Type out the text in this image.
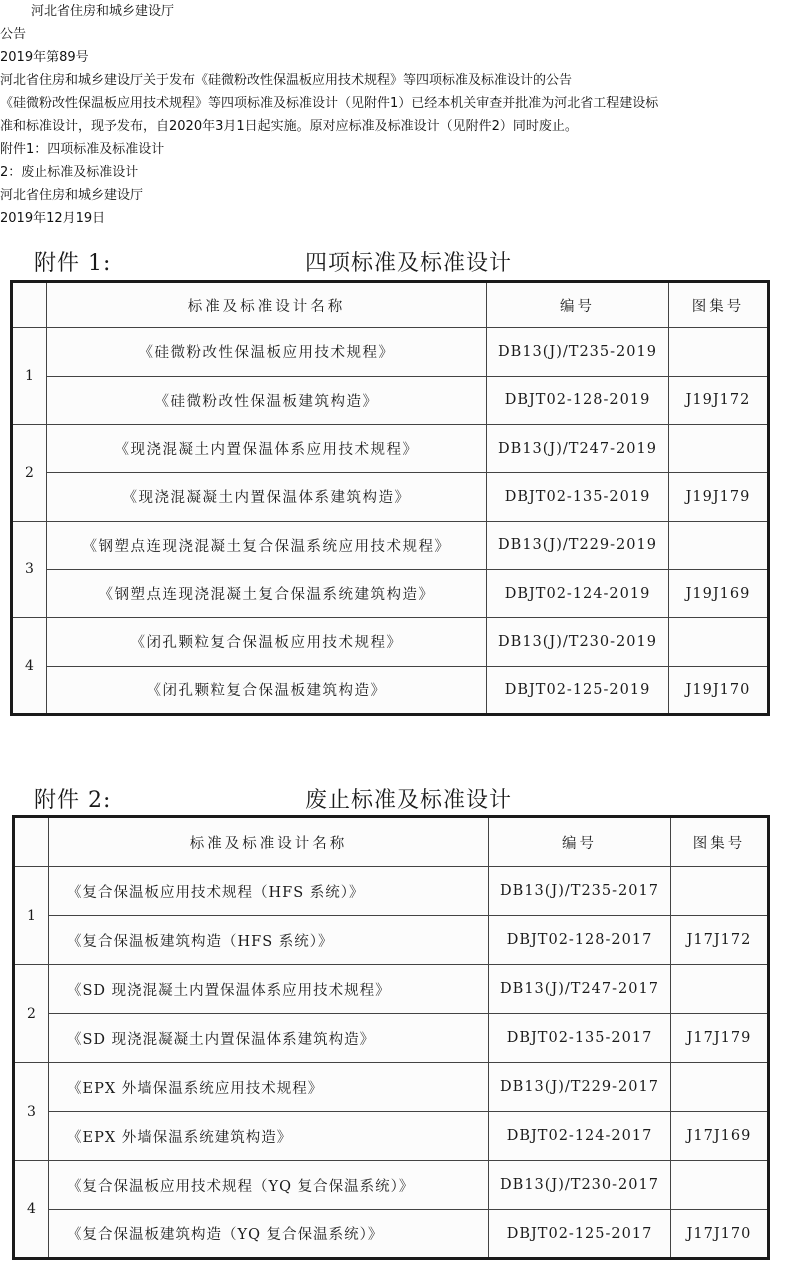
河北省住房和城乡建设厅
公告
2019年第89号
河北省住房和城乡建设厅关于发布《硅微粉改性保温板应用技术规程》等四项标准及标准设计的公告
《硅微粉改性保温板应用技术规程》等四项标准及标准设计（见附件1）已经本机关审查并批准为河北省工程建设标
准和标准设计，现予发布，自2020年3月1日起实施。原对应标准及标准设计（见附件2）同时废止。
附件1：四项标准及标准设计
2：废止标准及标准设计
河北省住房和城乡建设厅
2019年12月19日
附件 1:	四项标准及标准设计
	标准及标准设计名称	编号	图集号
1	《硅微粉改性保温板应用技术规程》	DB13(J)/T235-2019	
	《硅微粉改性保温板建筑构造》	DBJT02-128-2019	J19J172
2	《现浇混凝土内置保温体系应用技术规程》	DB13(J)/T247-2019	
	《现浇混凝凝土内置保温体系建筑构造》	DBJT02-135-2019	J19J179
3	《钢塑点连现浇混凝土复合保温系统应用技术规程》	DB13(J)/T229-2019	
	《钢塑点连现浇混凝土复合保温系统建筑构造》	DBJT02-124-2019	J19J169
4	《闭孔颗粒复合保温板应用技术规程》	DB13(J)/T230-2019	
	《闭孔颗粒复合保温板建筑构造》	DBJT02-125-2019	J19J170
附件 2:	废止标准及标准设计
	标准及标准设计名称	编号	图集号
1	《复合保温板应用技术规程（HFS 系统）》	DB13(J)/T235-2017	
	《复合保温板建筑构造（HFS 系统）》	DBJT02-128-2017	J17J172
2	《SD 现浇混凝土内置保温体系应用技术规程》	DB13(J)/T247-2017	
	《SD 现浇混凝凝土内置保温体系建筑构造》	DBJT02-135-2017	J17J179
3	《EPX 外墙保温系统应用技术规程》	DB13(J)/T229-2017	
	《EPX 外墙保温系统建筑构造》	DBJT02-124-2017	J17J169
4	《复合保温板应用技术规程（YQ 复合保温系统）》	DB13(J)/T230-2017	
	《复合保温板建筑构造（YQ 复合保温系统）》	DBJT02-125-2017	J17J170
